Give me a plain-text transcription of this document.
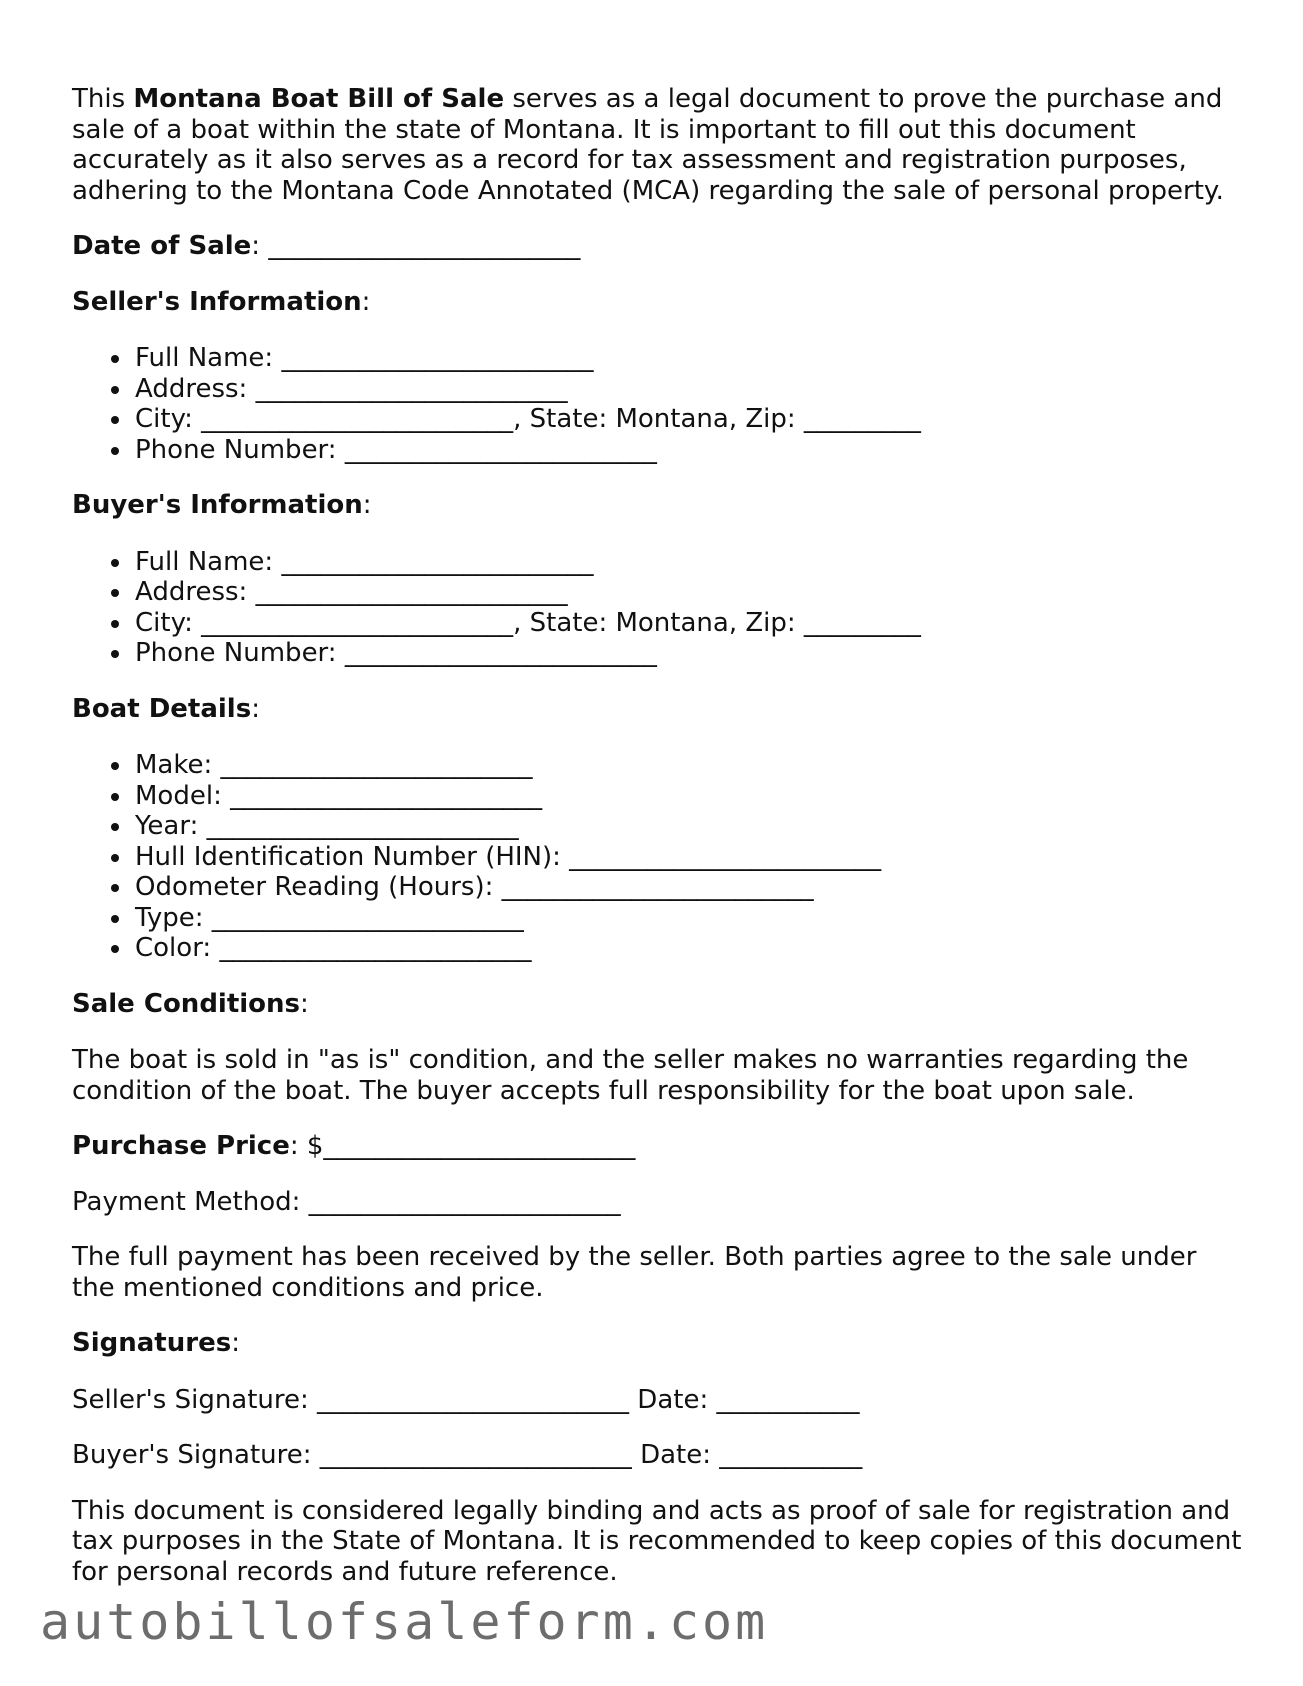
This Montana Boat Bill of Sale serves as a legal document to prove the purchase and sale of a boat within the state of Montana. It is important to fill out this document accurately as it also serves as a record for tax assessment and registration purposes, adhering to the Montana Code Annotated (MCA) regarding the sale of personal property.

Date of Sale: ________________________

Seller's Information:

Full Name: ________________________
Address: ________________________
City: ________________________, State: Montana, Zip: _________
Phone Number: ________________________

Buyer's Information:

Full Name: ________________________
Address: ________________________
City: ________________________, State: Montana, Zip: _________
Phone Number: ________________________

Boat Details:

Make: ________________________
Model: ________________________
Year: ________________________
Hull Identification Number (HIN): ________________________
Odometer Reading (Hours): ________________________
Type: ________________________
Color: ________________________

Sale Conditions:

The boat is sold in "as is" condition, and the seller makes no warranties regarding the condition of the boat. The buyer accepts full responsibility for the boat upon sale.

Purchase Price: $________________________

Payment Method: ________________________

The full payment has been received by the seller. Both parties agree to the sale under the mentioned conditions and price.

Signatures:

Seller's Signature: ________________________ Date: ___________

Buyer's Signature: ________________________ Date: ___________

This document is considered legally binding and acts as proof of sale for registration and tax purposes in the State of Montana. It is recommended to keep copies of this document for personal records and future reference.

autobillofsaleform.com
